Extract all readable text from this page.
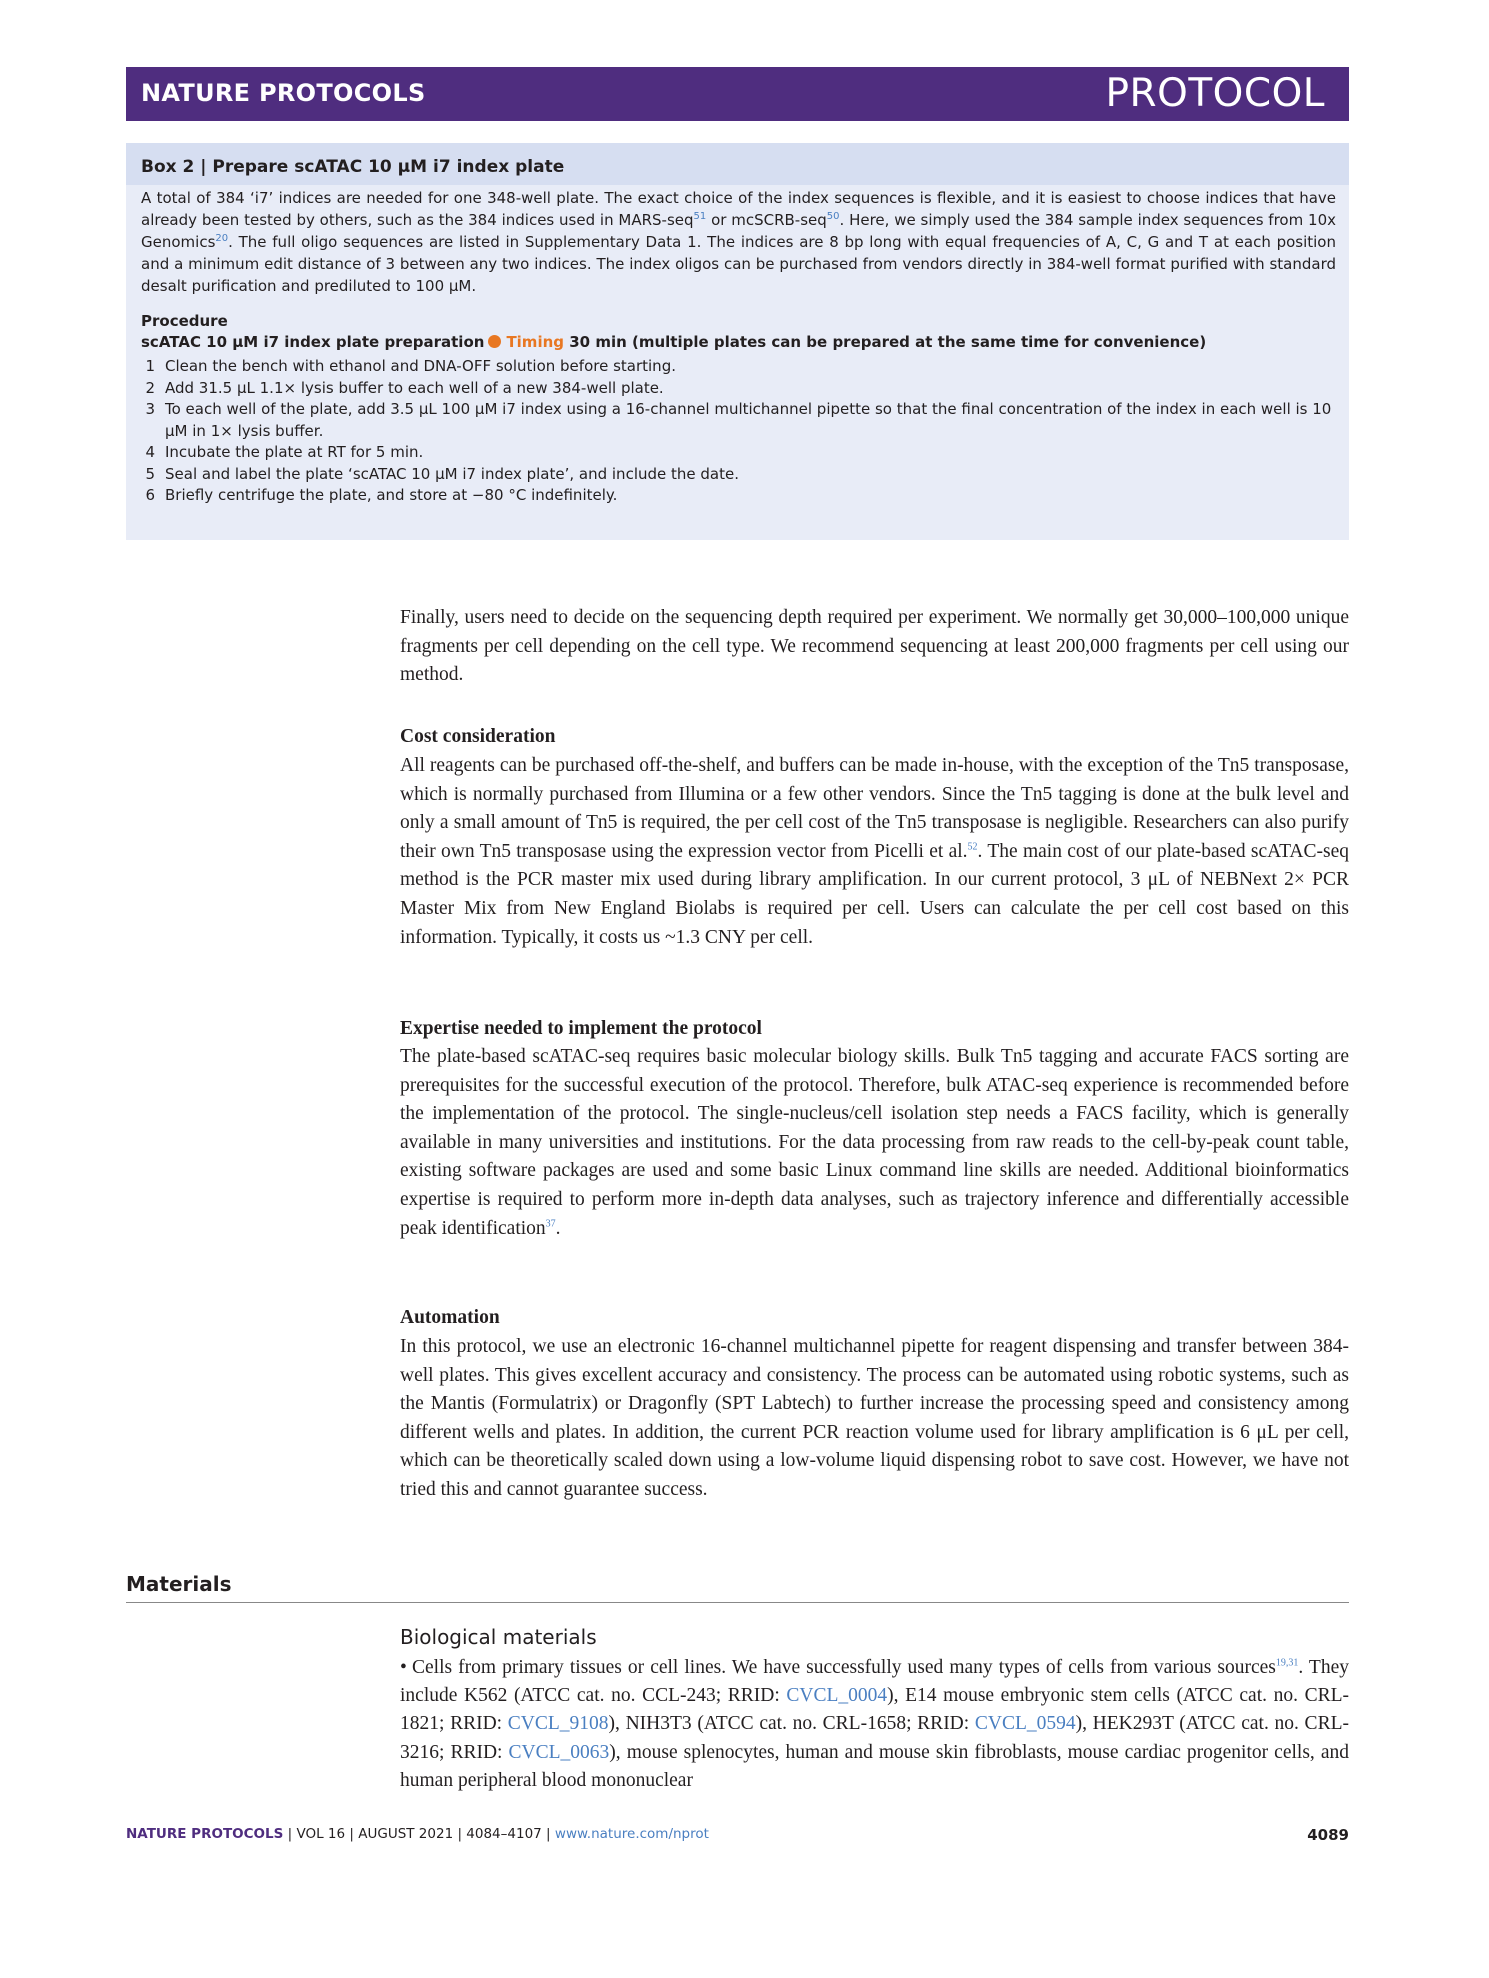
NATURE PROTOCOLS	PROTOCOL
Box 2 | Prepare scATAC 10 μM i7 index plate

A total of 384 ‘i7’ indices are needed for one 348-well plate. The exact choice of the index sequences is flexible, and it is easiest to choose indices that have already been tested by others, such as the 384 indices used in MARS-seq$^{51}$ or mcSCRB-seq$^{50}$. Here, we simply used the 384 sample index sequences from 10x Genomics$^{20}$. The full oligo sequences are listed in Supplementary Data 1. The indices are 8 bp long with equal frequencies of A, C, G and T at each position and a minimum edit distance of 3 between any two indices. The index oligos can be purchased from vendors directly in 384-well format purified with standard desalt purification and prediluted to 100 μM.

Procedure
scATAC 10 μM i7 index plate preparation Timing 30 min (multiple plates can be prepared at the same time for convenience)
1 Clean the bench with ethanol and DNA-OFF solution before starting.
2 Add 31.5 μL 1.1× lysis buffer to each well of a new 384-well plate.
3 To each well of the plate, add 3.5 μL 100 μM i7 index using a 16-channel multichannel pipette so that the final concentration of the index in each well is 10 μM in 1× lysis buffer.
4 Incubate the plate at RT for 5 min.
5 Seal and label the plate ‘scATAC 10 μM i7 index plate’, and include the date.
6 Briefly centrifuge the plate, and store at −80 °C indefinitely.

Finally, users need to decide on the sequencing depth required per experiment. We normally get 30,000–100,000 unique fragments per cell depending on the cell type. We recommend sequencing at least 200,000 fragments per cell using our method.

Cost consideration

All reagents can be purchased off-the-shelf, and buffers can be made in-house, with the exception of the Tn5 transposase, which is normally purchased from Illumina or a few other vendors. Since the Tn5 tagging is done at the bulk level and only a small amount of Tn5 is required, the per cell cost of the Tn5 transposase is negligible. Researchers can also purify their own Tn5 transposase using the expression vector from Picelli et al.$^{52}$. The main cost of our plate-based scATAC-seq method is the PCR master mix used during library amplification. In our current protocol, 3 μL of NEBNext 2× PCR Master Mix from New England Biolabs is required per cell. Users can calculate the per cell cost based on this information. Typically, it costs us ~1.3 CNY per cell.

Expertise needed to implement the protocol

The plate-based scATAC-seq requires basic molecular biology skills. Bulk Tn5 tagging and accurate FACS sorting are prerequisites for the successful execution of the protocol. Therefore, bulk ATAC-seq experience is recommended before the implementation of the protocol. The single-nucleus/cell isolation step needs a FACS facility, which is generally available in many universities and institutions. For the data processing from raw reads to the cell-by-peak count table, existing software packages are used and some basic Linux command line skills are needed. Additional bioinformatics expertise is required to perform more in-depth data analyses, such as trajectory inference and differentially accessible peak identification$^{37}$.

Automation

In this protocol, we use an electronic 16-channel multichannel pipette for reagent dispensing and transfer between 384-well plates. This gives excellent accuracy and consistency. The process can be automated using robotic systems, such as the Mantis (Formulatrix) or Dragonfly (SPT Labtech) to further increase the processing speed and consistency among different wells and plates. In addition, the current PCR reaction volume used for library amplification is 6 μL per cell, which can be theoretically scaled down using a low-volume liquid dispensing robot to save cost. However, we have not tried this and cannot guarantee success.

Materials
Biological materials

• Cells from primary tissues or cell lines. We have successfully used many types of cells from various sources$^{19,31}$. They include K562 (ATCC cat. no. CCL-243; RRID: CVCL_0004), E14 mouse embryonic stem cells (ATCC cat. no. CRL-1821; RRID: CVCL_9108), NIH3T3 (ATCC cat. no. CRL-1658; RRID: CVCL_0594), HEK293T (ATCC cat. no. CRL-3216; RRID: CVCL_0063), mouse splenocytes, human and mouse skin fibroblasts, mouse cardiac progenitor cells, and human peripheral blood mononuclear

NATURE PROTOCOLS | VOL 16 | AUGUST 2021 | 4084–4107 | www.nature.com/nprot	4089
